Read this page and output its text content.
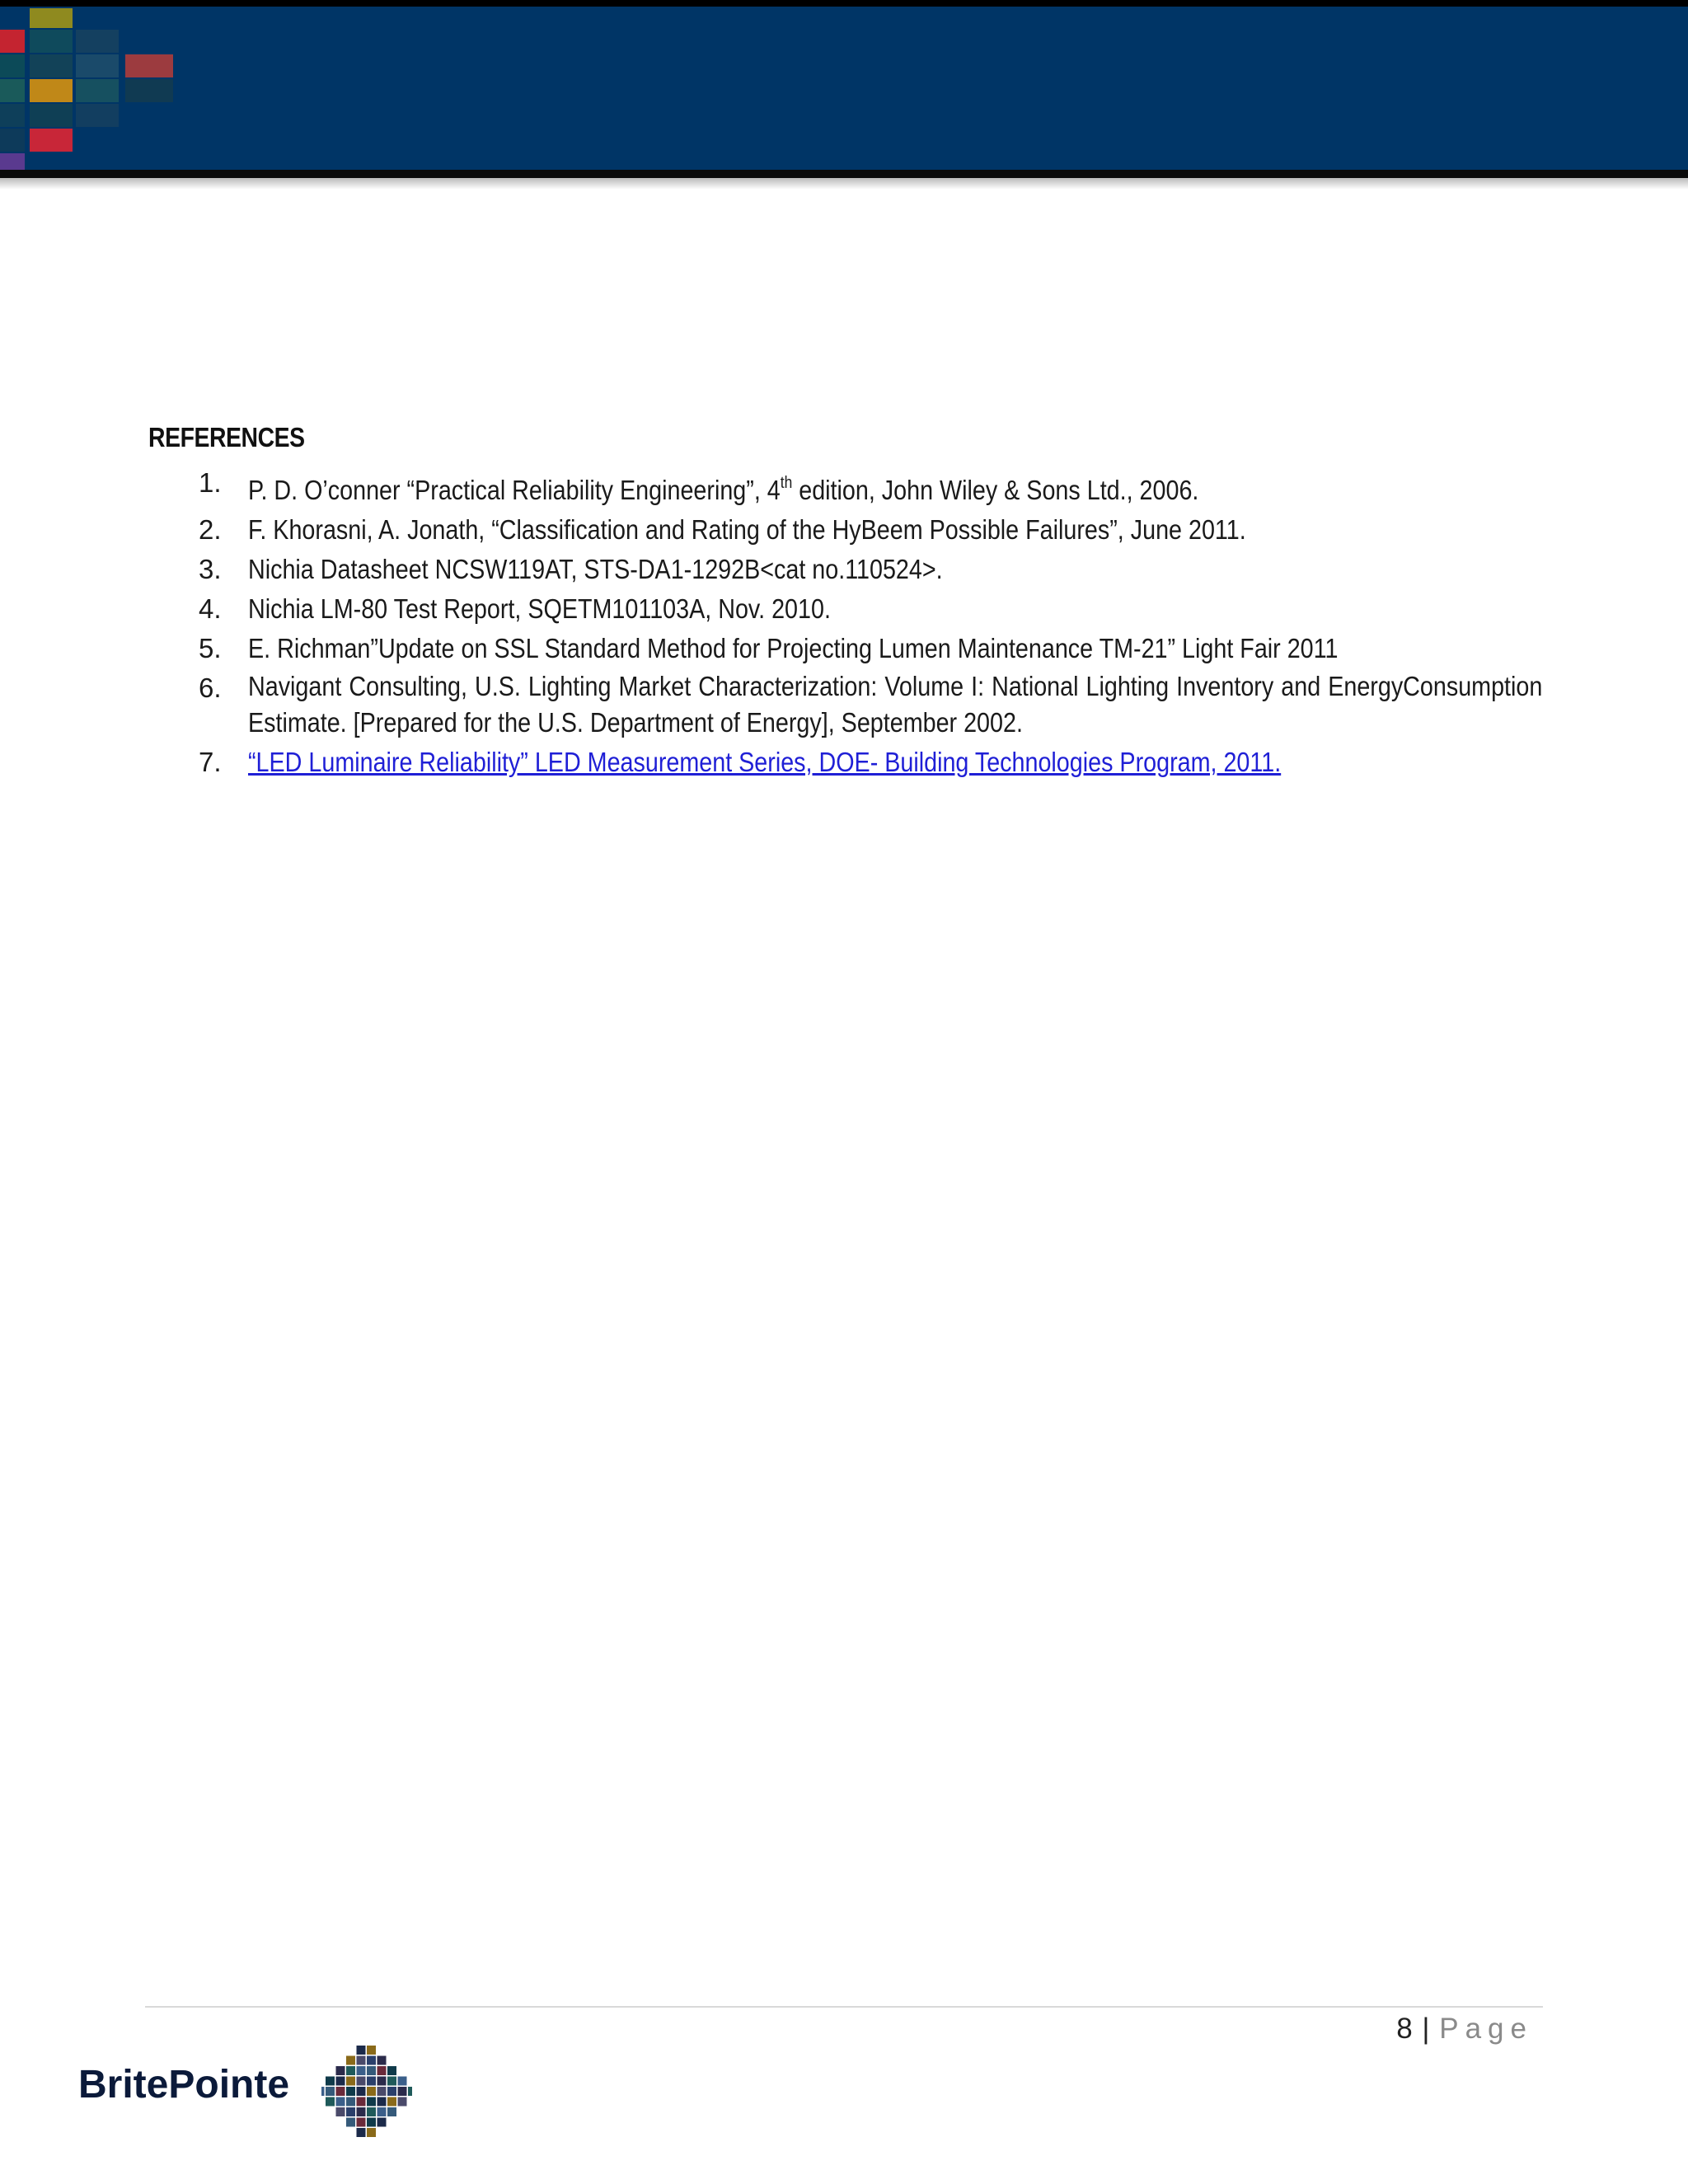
REFERENCES
1. P. D. O’conner “Practical Reliability Engineering”, 4th edition, John Wiley & Sons Ltd., 2006.
2. F. Khorasni, A. Jonath, “Classification and Rating of the HyBeem Possible Failures”, June 2011.
3. Nichia Datasheet NCSW119AT, STS-DA1-1292B<cat no.110524>.
4. Nichia LM-80 Test Report, SQETM101103A, Nov. 2010.
5. E. Richman”Update on SSL Standard Method for Projecting Lumen Maintenance TM-21” Light Fair 2011
6. Navigant Consulting, U.S. Lighting Market Characterization: Volume I: National Lighting Inventory and EnergyConsumption Estimate. [Prepared for the U.S. Department of Energy], September 2002.
7. “LED Luminaire Reliability” LED Measurement Series, DOE- Building Technologies Program, 2011.
8 | Page
BritePointe
